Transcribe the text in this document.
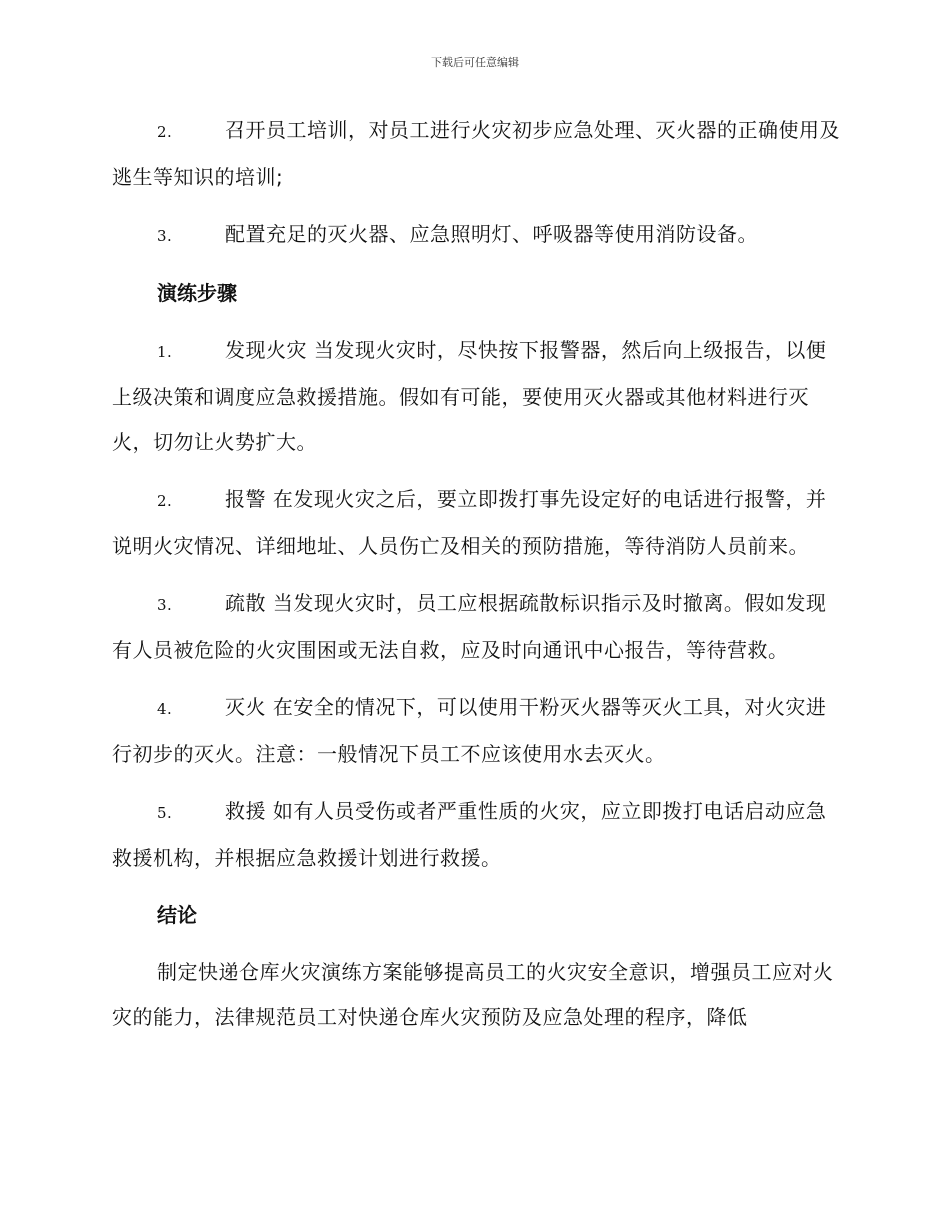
下载后可任意编辑

2.	召开员工培训，对员工进行火灾初步应急处理、灭火器的正确使用及逃生等知识的培训;

3.	配置充足的灭火器、应急照明灯、呼吸器等使用消防设备。

演练步骤

1.	发现火灾 当发现火灾时，尽快按下报警器，然后向上级报告，以便上级决策和调度应急救援措施。假如有可能，要使用灭火器或其他材料进行灭火，切勿让火势扩大。

2.	报警 在发现火灾之后，要立即拨打事先设定好的电话进行报警，并说明火灾情况、详细地址、人员伤亡及相关的预防措施，等待消防人员前来。

3.	疏散 当发现火灾时，员工应根据疏散标识指示及时撤离。假如发现有人员被危险的火灾围困或无法自救，应及时向通讯中心报告，等待营救。

4.	灭火 在安全的情况下，可以使用干粉灭火器等灭火工具，对火灾进行初步的灭火。注意：一般情况下员工不应该使用水去灭火。

5.	救援 如有人员受伤或者严重性质的火灾，应立即拨打电话启动应急救援机构，并根据应急救援计划进行救援。

结论

制定快递仓库火灾演练方案能够提高员工的火灾安全意识，增强员工应对火灾的能力，法律规范员工对快递仓库火灾预防及应急处理的程序，降低
